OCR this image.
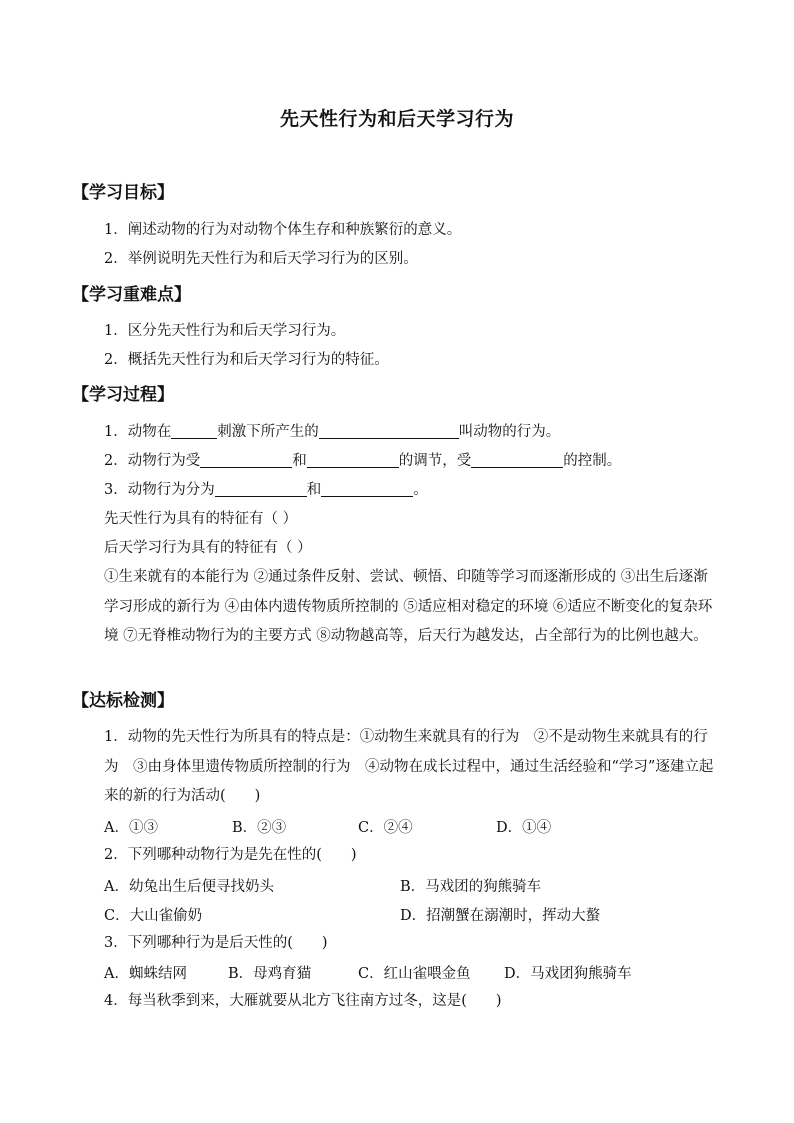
先天性行为和后天学习行为
【学习目标】
1．阐述动物的行为对动物个体生存和种族繁衍的意义。
2．举例说明先天性行为和后天学习行为的区别。
【学习重难点】
1．区分先天性行为和后天学习行为。
2．概括先天性行为和后天学习行为的特征。
【学习过程】
1．动物在	刺激下所产生的	叫动物的行为。
2．动物行为受	和	的调节，受	的控制。
3．动物行为分为	和	。
先天性行为具有的特征有（ ）
后天学习行为具有的特征有（ ）
①生来就有的本能行为 ②通过条件反射、尝试、顿悟、印随等学习而逐渐形成的 ③出生后逐渐学习形成的新行为 ④由体内遗传物质所控制的 ⑤适应相对稳定的环境 ⑥适应不断变化的复杂环境 ⑦无脊椎动物行为的主要方式 ⑧动物越高等，后天行为越发达，占全部行为的比例也越大。
【达标检测】
1．动物的先天性行为所具有的特点是：①动物生来就具有的行为　②不是动物生来就具有的行为　③由身体里遗传物质所控制的行为　④动物在成长过程中，通过生活经验和“学习”逐建立起来的新的行为活动(　　)
A．①③	B．②③	C．②④	D．①④
2．下列哪种动物行为是先在性的(　　)
A．幼兔出生后便寻找奶头	B．马戏团的狗熊骑车
C．大山雀偷奶	D．招潮蟹在溺潮时，挥动大螯
3．下列哪种行为是后天性的(　　)
A．蜘蛛结网	B．母鸡育猫	C．红山雀喂金鱼 D．马戏团狗熊骑车
4．每当秋季到来，大雁就要从北方飞往南方过冬，这是(　　)
